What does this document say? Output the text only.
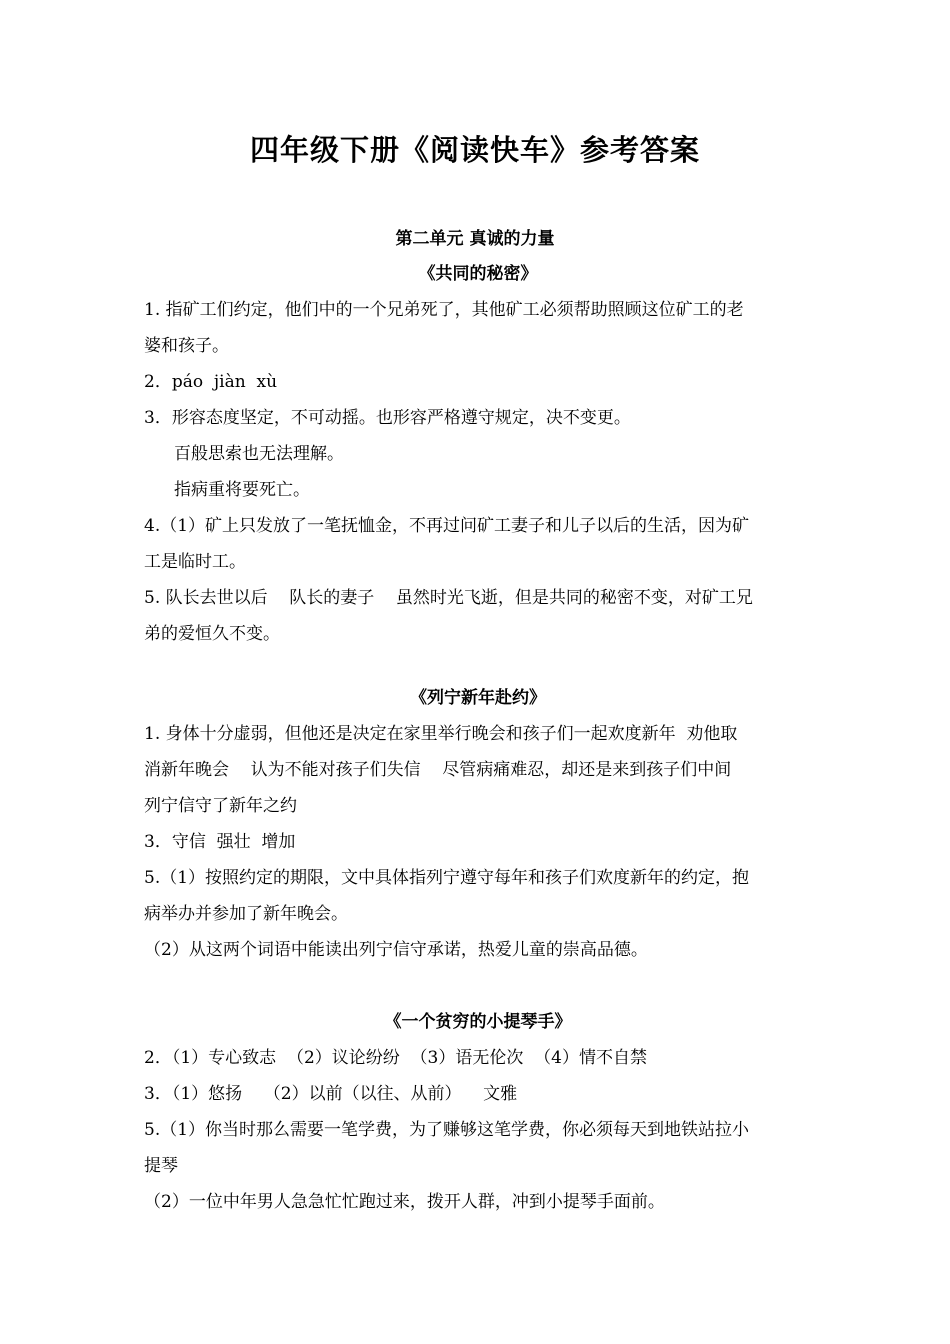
四年级下册《阅读快车》参考答案
第二单元 真诚的力量
《共同的秘密》
1. 指矿工们约定，他们中的一个兄弟死了，其他矿工必须帮助照顾这位矿工的老
婆和孩子。
2．páo  jiàn  xù
3．形容态度坚定，不可动摇。也形容严格遵守规定，决不变更。
百般思索也无法理解。
指病重将要死亡。
4.（1）矿上只发放了一笔抚恤金，不再过问矿工妻子和儿子以后的生活，因为矿
工是临时工。
5. 队长去世以后    队长的妻子    虽然时光飞逝，但是共同的秘密不变，对矿工兄
弟的爱恒久不变。
《列宁新年赴约》
1. 身体十分虚弱，但他还是决定在家里举行晚会和孩子们一起欢度新年  劝他取
消新年晚会    认为不能对孩子们失信    尽管病痛难忍，却还是来到孩子们中间
列宁信守了新年之约
3．守信  强壮  增加
5.（1）按照约定的期限，文中具体指列宁遵守每年和孩子们欢度新年的约定，抱
病举办并参加了新年晚会。
（2）从这两个词语中能读出列宁信守承诺，热爱儿童的崇高品德。
《一个贫穷的小提琴手》
2．（1）专心致志  （2）议论纷纷  （3）语无伦次  （4）情不自禁
3．（1）悠扬    （2）以前（以往、从前）    文雅
5.（1）你当时那么需要一笔学费，为了赚够这笔学费，你必须每天到地铁站拉小
提琴
（2）一位中年男人急急忙忙跑过来，拨开人群，冲到小提琴手面前。
